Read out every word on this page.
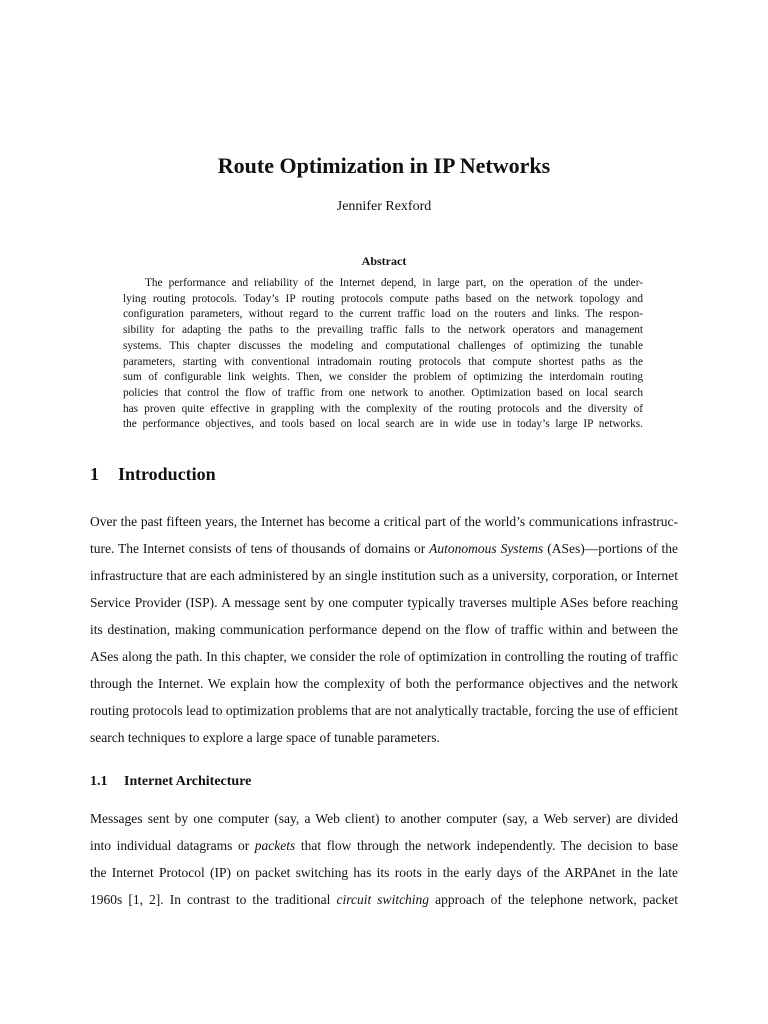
Route Optimization in IP Networks
Jennifer Rexford
Abstract
The performance and reliability of the Internet depend, in large part, on the operation of the under-
lying routing protocols. Today’s IP routing protocols compute paths based on the network topology and
configuration parameters, without regard to the current traffic load on the routers and links. The respon-
sibility for adapting the paths to the prevailing traffic falls to the network operators and management
systems. This chapter discusses the modeling and computational challenges of optimizing the tunable
parameters, starting with conventional intradomain routing protocols that compute shortest paths as the
sum of configurable link weights. Then, we consider the problem of optimizing the interdomain routing
policies that control the flow of traffic from one network to another. Optimization based on local search
has proven quite effective in grappling with the complexity of the routing protocols and the diversity of
the performance objectives, and tools based on local search are in wide use in today’s large IP networks.
1 Introduction
Over the past fifteen years, the Internet has become a critical part of the world’s communications infrastruc-
ture. The Internet consists of tens of thousands of domains or Autonomous Systems (ASes)—portions of the
infrastructure that are each administered by an single institution such as a university, corporation, or Internet
Service Provider (ISP). A message sent by one computer typically traverses multiple ASes before reaching
its destination, making communication performance depend on the flow of traffic within and between the
ASes along the path. In this chapter, we consider the role of optimization in controlling the routing of traffic
through the Internet. We explain how the complexity of both the performance objectives and the network
routing protocols lead to optimization problems that are not analytically tractable, forcing the use of efficient
search techniques to explore a large space of tunable parameters.
1.1 Internet Architecture
Messages sent by one computer (say, a Web client) to another computer (say, a Web server) are divided
into individual datagrams or packets that flow through the network independently. The decision to base
the Internet Protocol (IP) on packet switching has its roots in the early days of the ARPAnet in the late
1960s [1, 2]. In contrast to the traditional circuit switching approach of the telephone network, packet
